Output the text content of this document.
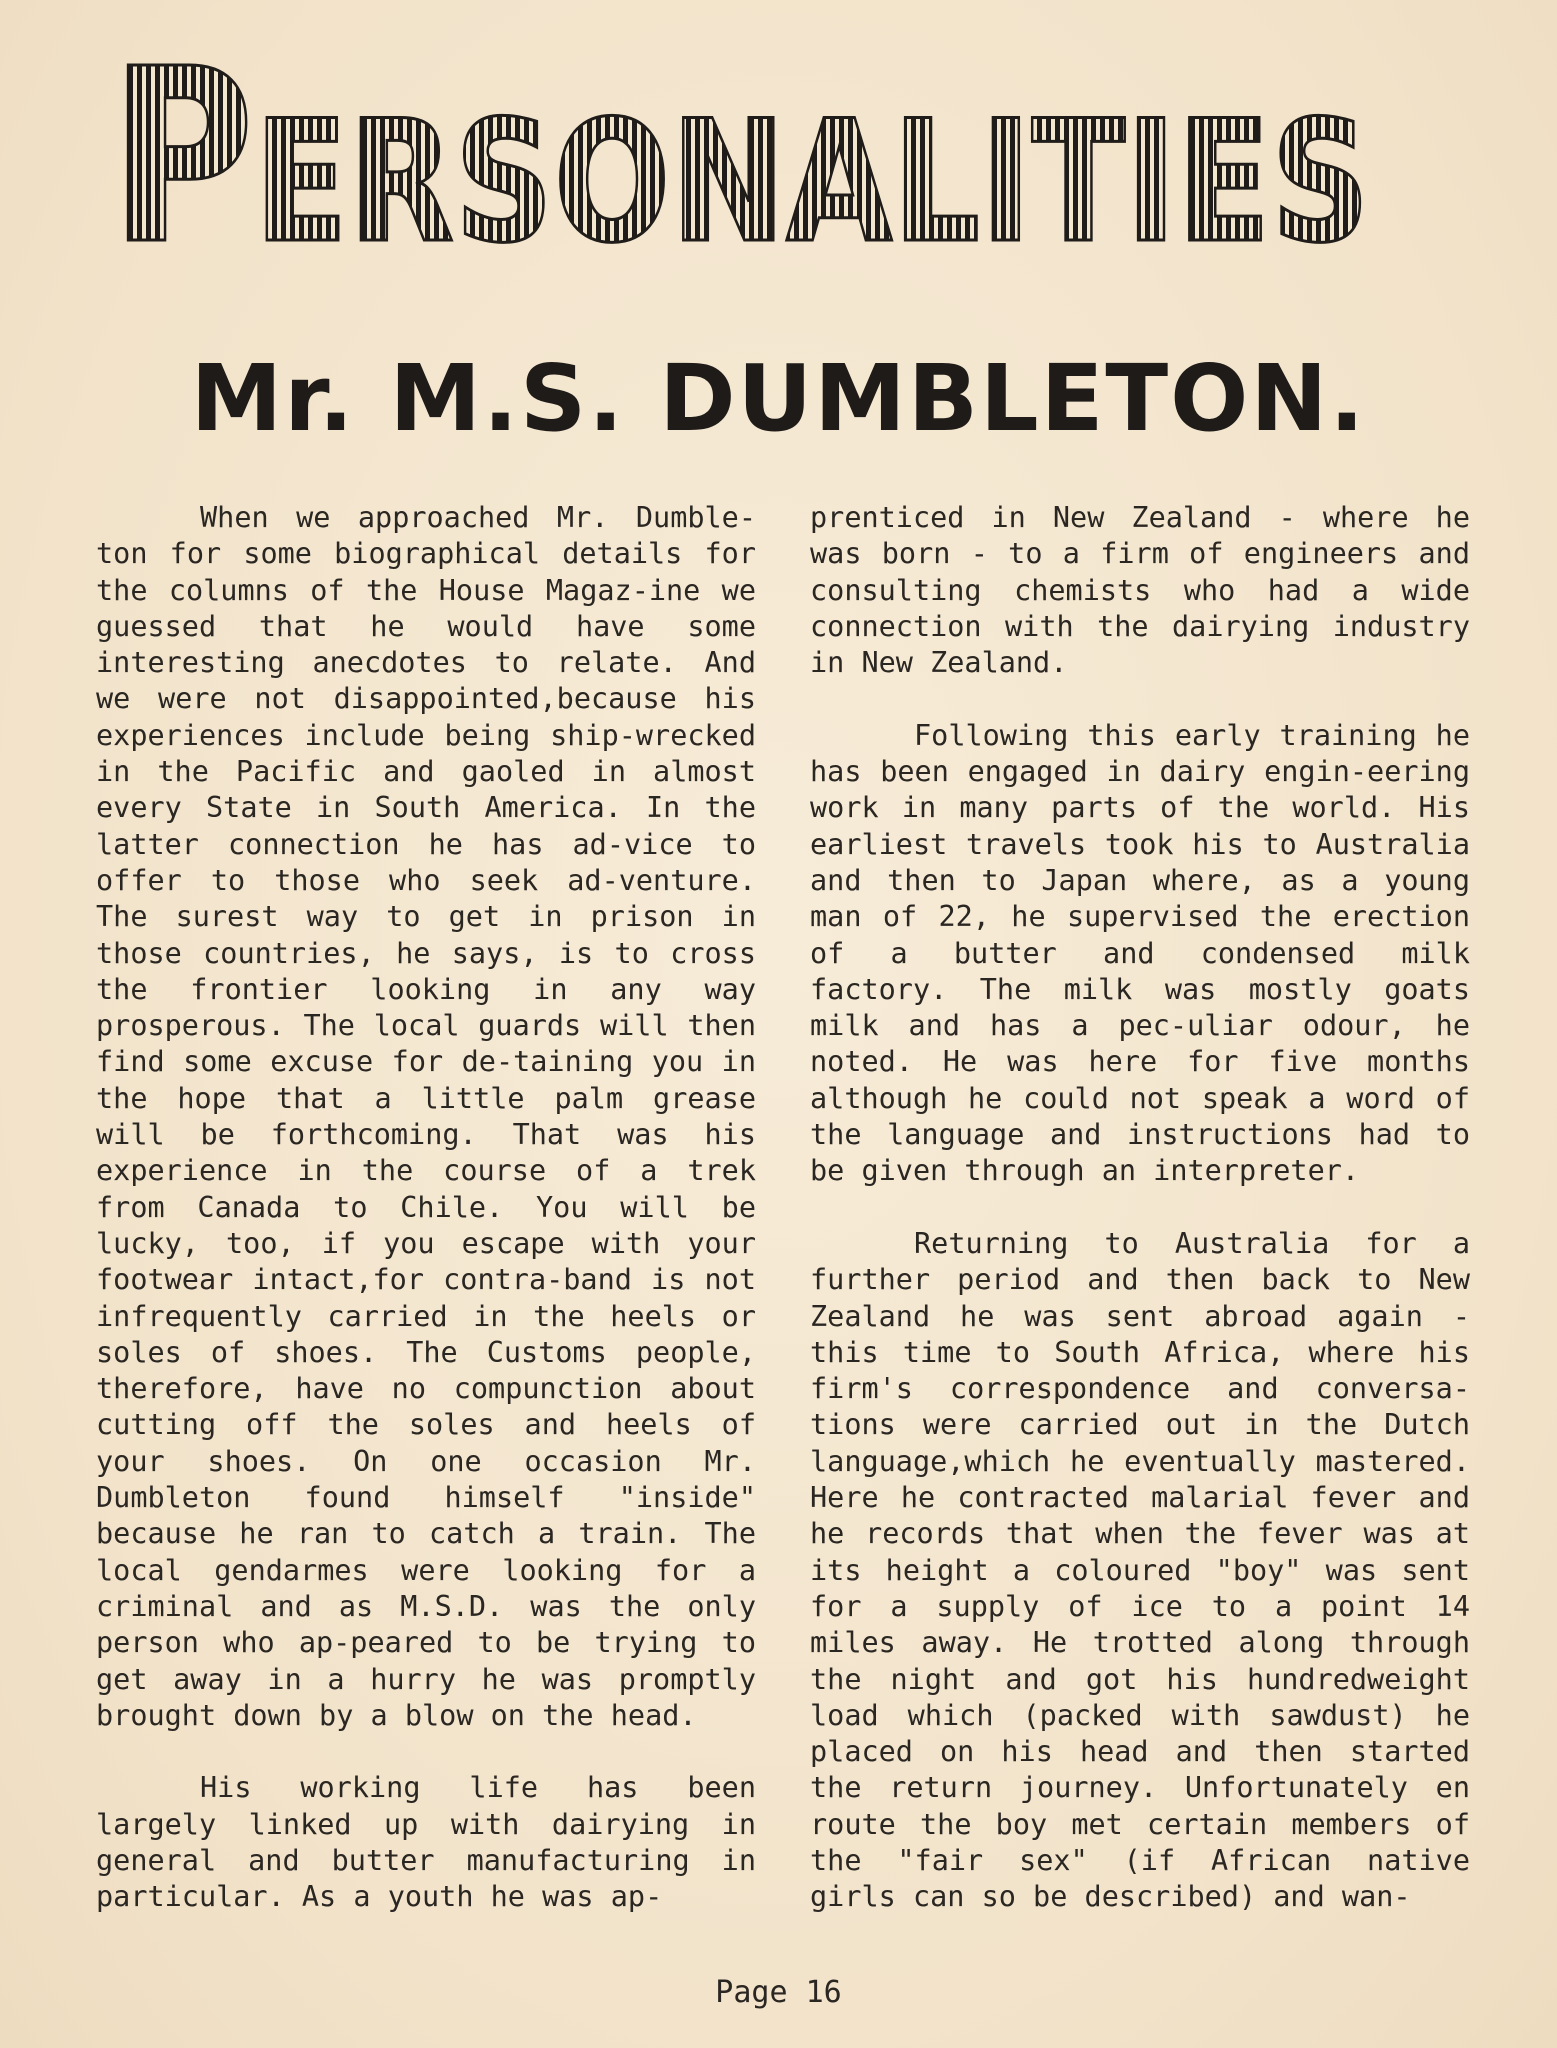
Personalities
Mr. M.S. DUMBLETON.

When we approached Mr. Dumble-ton for some biographical details for the columns of the House Magaz-ine we guessed that he would have some interesting anecdotes to relate. And we were not disappointed,because his experiences include being ship-wrecked in the Pacific and gaoled in almost every State in South America. In the latter connection he has ad-vice to offer to those who seek ad-venture. The surest way to get in prison in those countries, he says, is to cross the frontier looking in any way prosperous. The local guards will then find some excuse for de-taining you in the hope that a little palm grease will be forthcoming. That was his experience in the course of a trek from Canada to Chile. You will be lucky, too, if you escape with your footwear intact,for contra-band is not infrequently carried in the heels or soles of shoes. The Customs people, therefore, have no compunction about cutting off the soles and heels of your shoes. On one occasion Mr. Dumbleton found himself "inside" because he ran to catch a train. The local gendarmes were looking for a criminal and as M.S.D. was the only person who ap-peared to be trying to get away in a hurry he was promptly brought down by a blow on the head.

His working life has been largely linked up with dairying in general and butter manufacturing in particular. As a youth he was ap-

prenticed in New Zealand - where he was born - to a firm of engineers and consulting chemists who had a wide connection with the dairying industry in New Zealand.

Following this early training he has been engaged in dairy engin-eering work in many parts of the world. His earliest travels took his to Australia and then to Japan where, as a young man of 22, he supervised the erection of a butter and condensed milk factory. The milk was mostly goats milk and has a pec-uliar odour, he noted. He was here for five months although he could not speak a word of the language and instructions had to be given through an interpreter.

Returning to Australia for a further period and then back to New Zealand he was sent abroad again - this time to South Africa, where his firm's correspondence and conversa-tions were carried out in the Dutch language,which he eventually mastered. Here he contracted malarial fever and he records that when the fever was at its height a coloured "boy" was sent for a supply of ice to a point 14 miles away. He trotted along through the night and got his hundredweight load which (packed with sawdust) he placed on his head and then started the return journey. Unfortunately en route the boy met certain members of the "fair sex" (if African native girls can so be described) and wan-

Page 16
